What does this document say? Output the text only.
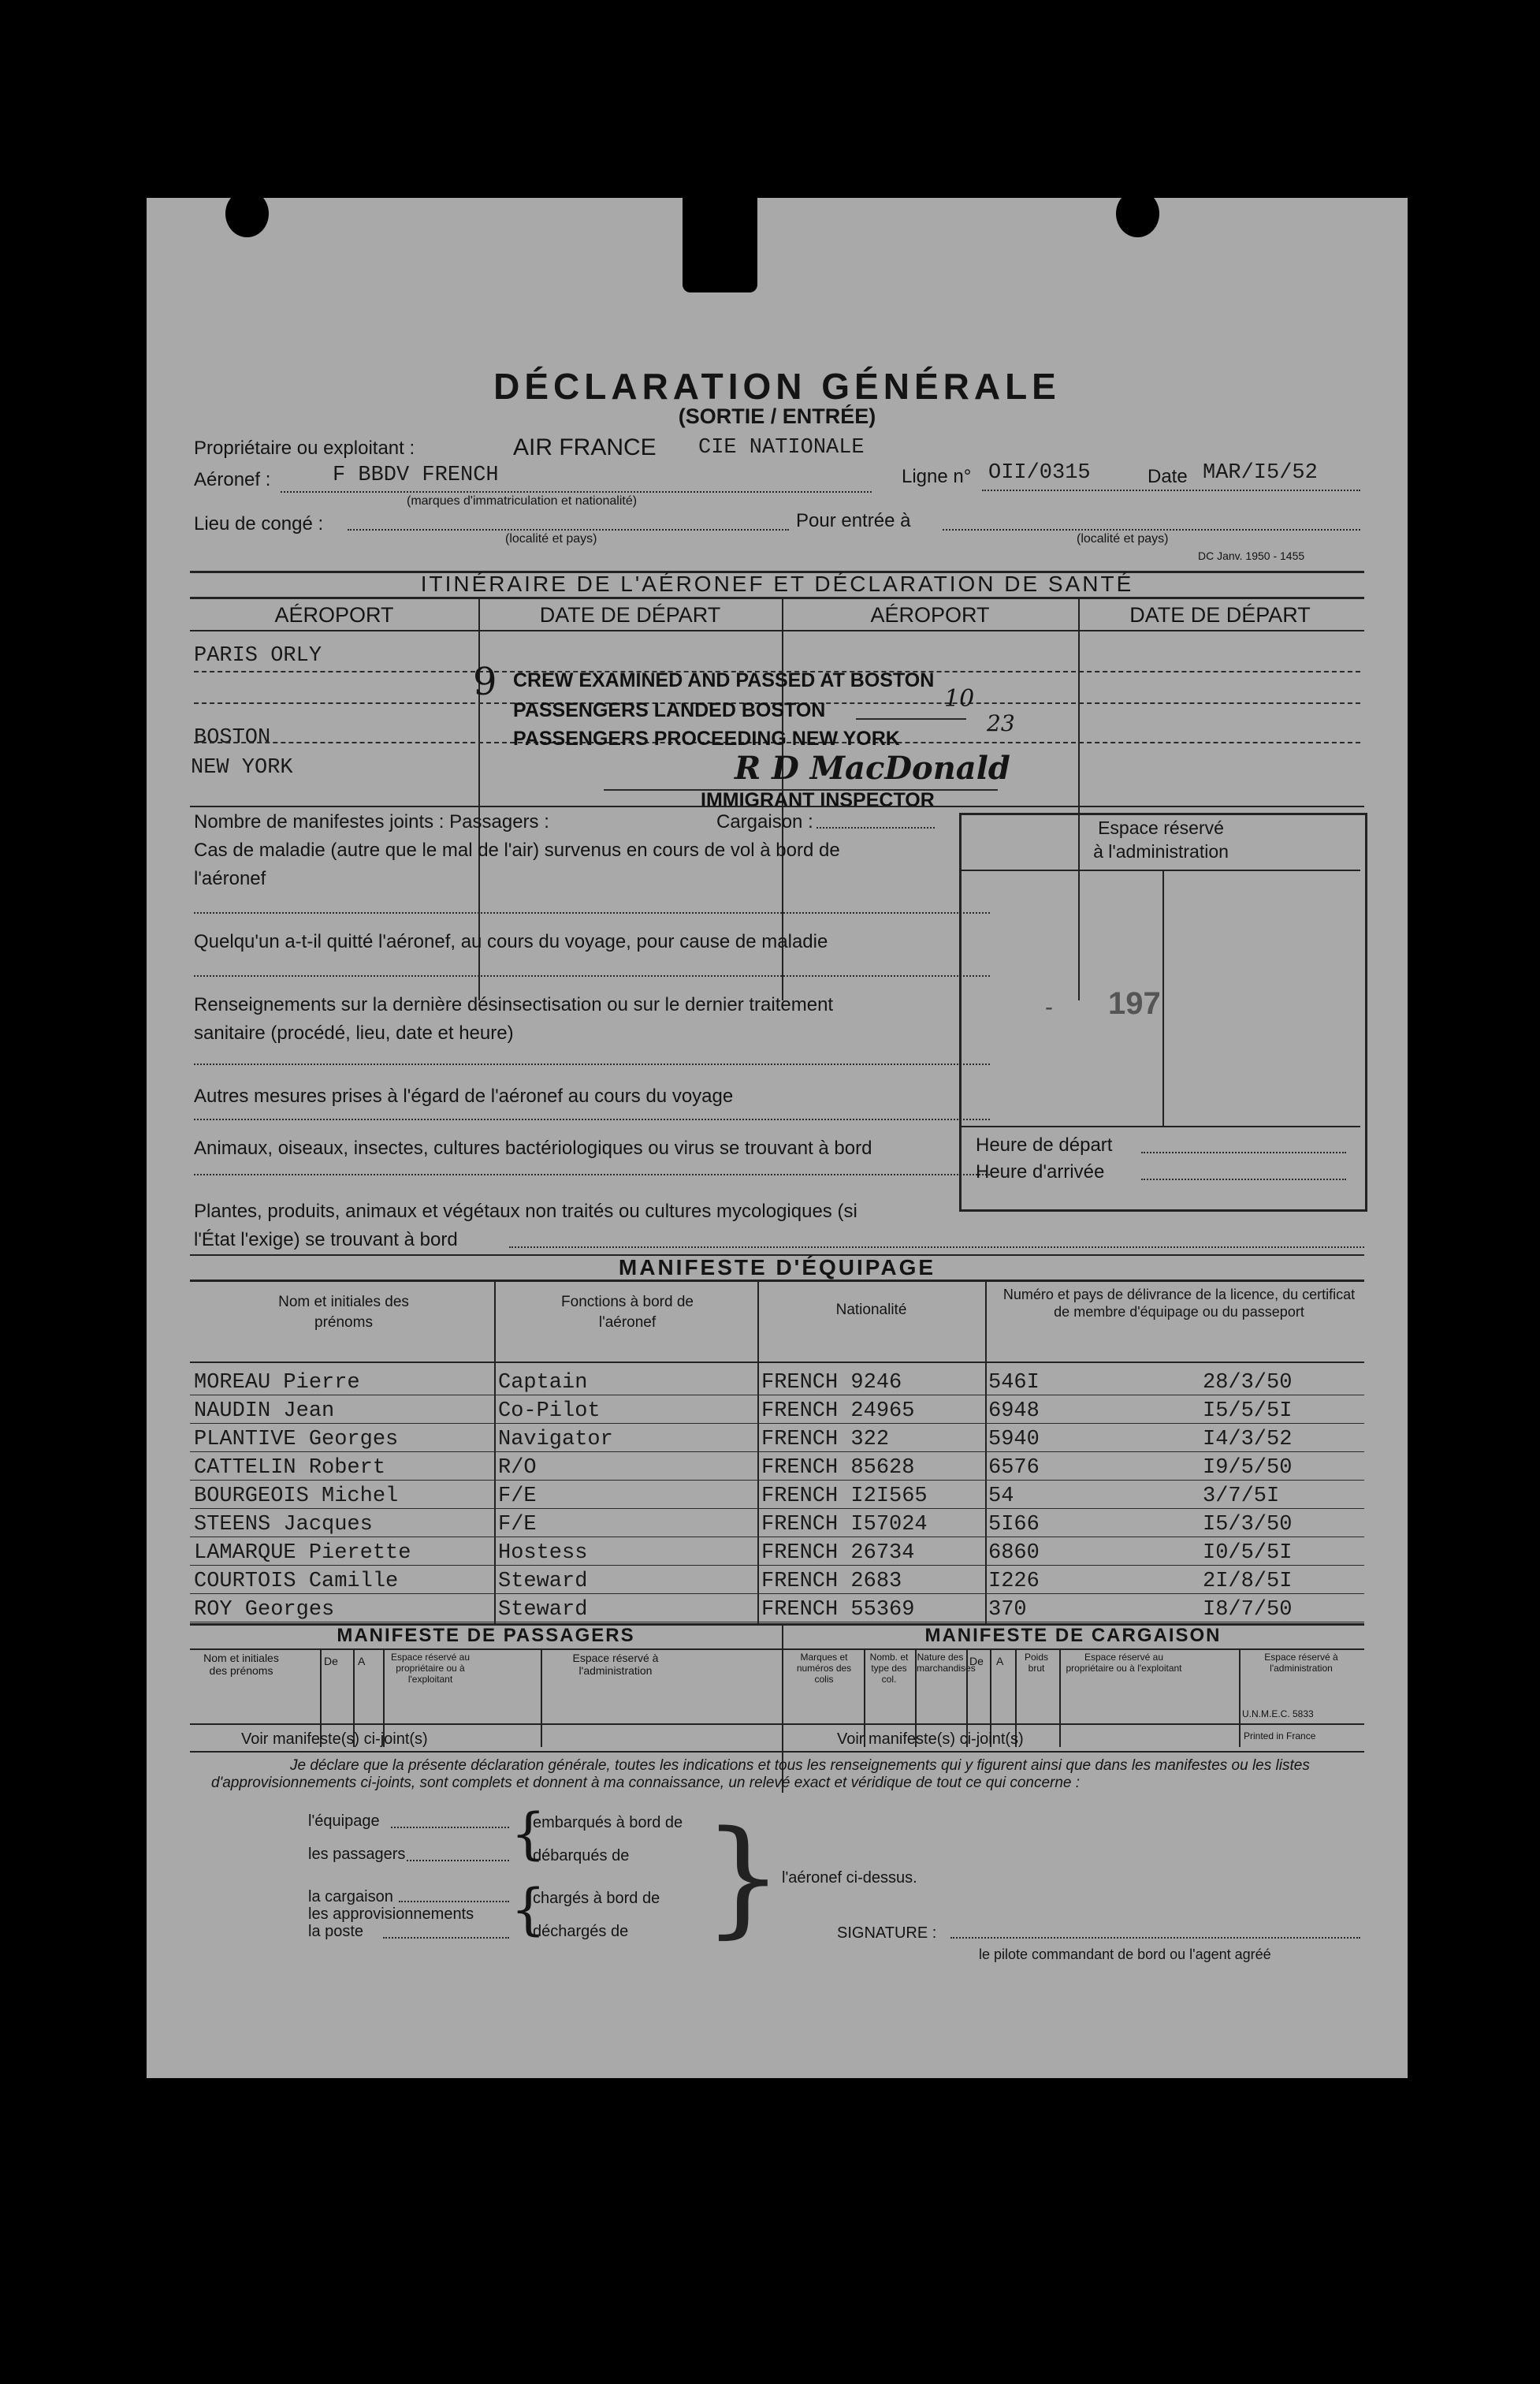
DÉCLARATION GÉNÉRALE
(SORTIE / ENTRÉE)
Propriétaire ou exploitant :	AIR FRANCE CIE NATIONALE
Aéronef :	F BBDV FRENCH
(marques d'immatriculation et nationalité)
Ligne n° OII/0315	Date MAR/I5/52
Lieu de congé :
(localité et pays)
Pour entrée à
(localité et pays)
DC Janv. 1950 - 1455
ITINÉRAIRE DE L'AÉRONEF ET DÉCLARATION DE SANTÉ
AÉROPORT	DATE DE DÉPART	AÉROPORT	DATE DE DÉPART
PARIS ORLY
BOSTON
NEW YORK
9 CREW EXAMINED AND PASSED AT BOSTON
PASSENGERS LANDED BOSTON	10
PASSENGERS PROCEEDING NEW YORK
23
R D MacDonald
IMMIGRANT INSPECTOR
Nombre de manifestes joints : Passagers :	Cargaison :
Cas de maladie (autre que le mal de l'air) survenus en cours de vol à bord de
l'aéronef
Quelqu'un a-t-il quitté l'aéronef, au cours du voyage, pour cause de maladie
Renseignements sur la dernière désinsectisation ou sur le dernier traitement
sanitaire (procédé, lieu, date et heure)
Autres mesures prises à l'égard de l'aéronef au cours du voyage
Animaux, oiseaux, insectes, cultures bactériologiques ou virus se trouvant à bord
Plantes, produits, animaux et végétaux non traités ou cultures mycologiques (si
l'État l'exige) se trouvant à bord
Espace réservé
à l'administration
197
-
Heure de départ
Heure d'arrivée
MANIFESTE D'ÉQUIPAGE
Nom et initiales des prénoms
Fonctions à bord de l'aéronef
Nationalité
Numéro et pays de délivrance de la licence, du certificat de membre d'équipage ou du passeport
MOREAU Pierre	Captain	FRENCH 9246	546I	28/3/50
NAUDIN Jean	Co-Pilot	FRENCH 24965	6948	I5/5/5I
PLANTIVE Georges	Navigator	FRENCH 322	5940	I4/3/52
CATTELIN Robert	R/O	FRENCH 85628	6576	I9/5/50
BOURGEOIS Michel	F/E	FRENCH I2I565	54	3/7/5I
STEENS Jacques	F/E	FRENCH I57024	5I66	I5/3/50
LAMARQUE Pierette	Hostess	FRENCH 26734	6860	I0/5/5I
COURTOIS Camille	Steward	FRENCH 2683	I226	2I/8/5I
ROY Georges	Steward	FRENCH 55369	370	I8/7/50
MANIFESTE DE PASSAGERS	MANIFESTE DE CARGAISON
Nom et initiales des prénoms
De A	Espace réservé au propriétaire ou à l'exploitant
Espace réservé à l'administration
Marques et numéros des colis
Nomb. et type des col.
Nature des marchandises
De A	Poids brut
Espace réservé au propriétaire ou à l'exploitant
Espace réservé à l'administration
U.N.M.E.C. 5833
Voir manifeste(s) ci-joint(s)	Voir manifeste(s) ci-joint(s)	Printed in France
Je déclare que la présente déclaration générale, toutes les indications et tous les renseignements qui y figurent ainsi que dans les manifestes ou les listes d'approvisionnements ci-joints, sont complets et donnent à ma connaissance, un relevé exact et véridique de tout ce qui concerne :
l'équipage
les passagers
la cargaison
les approvisionnements
la poste
{
{
embarqués à bord de
débarqués de
chargés à bord de
déchargés de }
l'aéronef ci-dessus.
SIGNATURE :
le pilote commandant de bord ou l'agent agréé
